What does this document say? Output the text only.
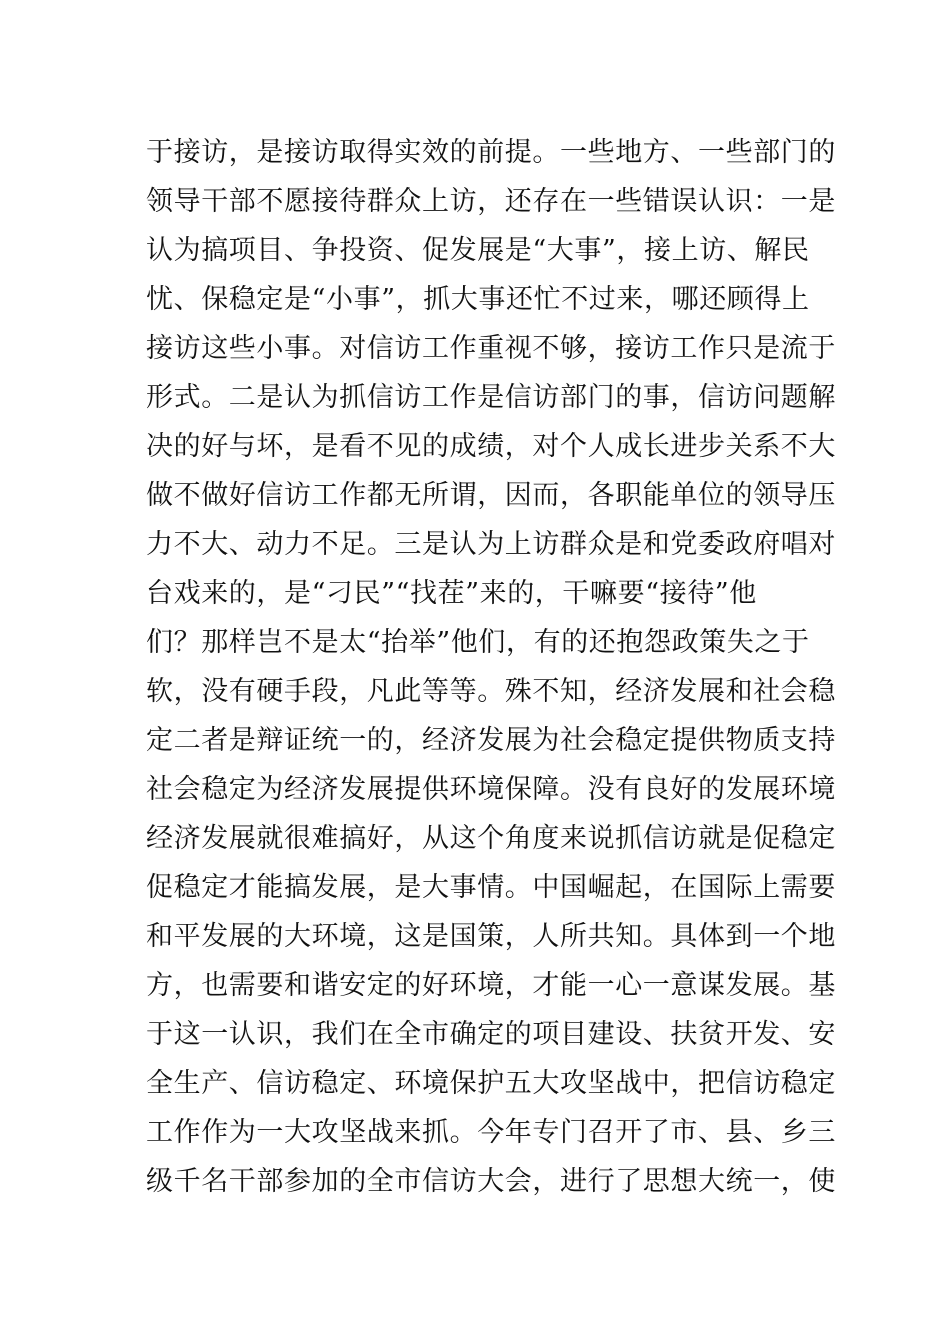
于接访，是接访取得实效的前提。一些地方、一些部门的
领导干部不愿接待群众上访，还存在一些错误认识：一是
认为搞项目、争投资、促发展是“大事”，接上访、解民
忧、保稳定是“小事”，抓大事还忙不过来，哪还顾得上
接访这些小事。对信访工作重视不够，接访工作只是流于
形式。二是认为抓信访工作是信访部门的事，信访问题解
决的好与坏，是看不见的成绩，对个人成长进步关系不大
做不做好信访工作都无所谓，因而，各职能单位的领导压
力不大、动力不足。三是认为上访群众是和党委政府唱对
台戏来的，是“刁民”“找茬”来的，干嘛要“接待”他
们？那样岂不是太“抬举”他们，有的还抱怨政策失之于
软，没有硬手段，凡此等等。殊不知，经济发展和社会稳
定二者是辩证统一的，经济发展为社会稳定提供物质支持
社会稳定为经济发展提供环境保障。没有良好的发展环境
经济发展就很难搞好，从这个角度来说抓信访就是促稳定
促稳定才能搞发展，是大事情。中国崛起，在国际上需要
和平发展的大环境，这是国策，人所共知。具体到一个地
方，也需要和谐安定的好环境，才能一心一意谋发展。基
于这一认识，我们在全市确定的项目建设、扶贫开发、安
全生产、信访稳定、环境保护五大攻坚战中，把信访稳定
工作作为一大攻坚战来抓。今年专门召开了市、县、乡三
级千名干部参加的全市信访大会，进行了思想大统一，使
